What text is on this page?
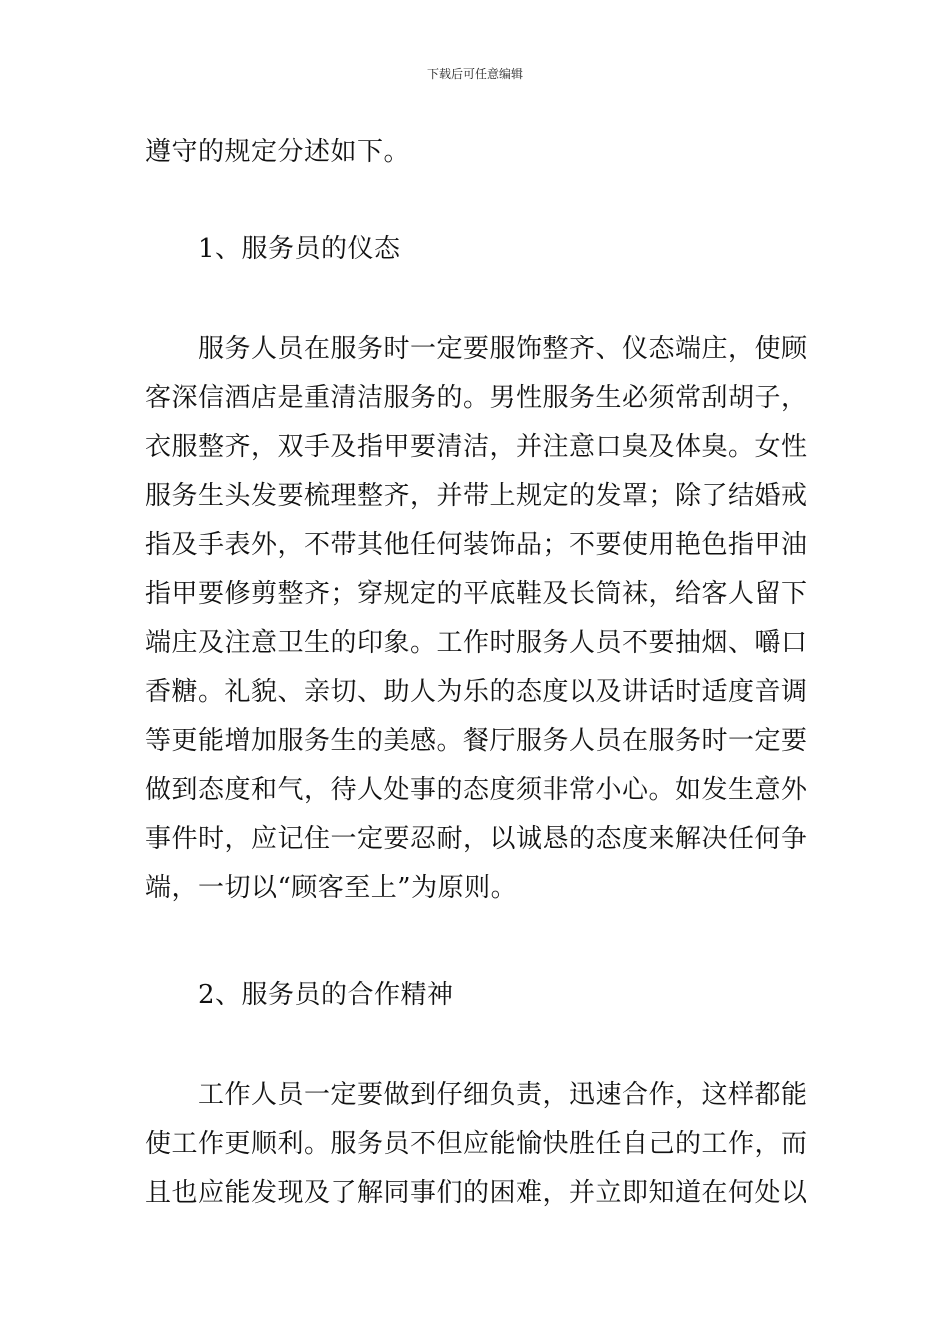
下载后可任意编辑
遵守的规定分述如下。
1、服务员的仪态
服务人员在服务时一定要服饰整齐、仪态端庄，使顾
客深信酒店是重清洁服务的。男性服务生必须常刮胡子，
衣服整齐，双手及指甲要清洁，并注意口臭及体臭。女性
服务生头发要梳理整齐，并带上规定的发罩；除了结婚戒
指及手表外，不带其他任何装饰品；不要使用艳色指甲油
指甲要修剪整齐；穿规定的平底鞋及长筒袜，给客人留下
端庄及注意卫生的印象。工作时服务人员不要抽烟、嚼口
香糖。礼貌、亲切、助人为乐的态度以及讲话时适度音调
等更能增加服务生的美感。餐厅服务人员在服务时一定要
做到态度和气，待人处事的态度须非常小心。如发生意外
事件时，应记住一定要忍耐，以诚恳的态度来解决任何争
端，一切以“顾客至上”为原则。
2、服务员的合作精神
工作人员一定要做到仔细负责，迅速合作，这样都能
使工作更顺利。服务员不但应能愉快胜任自己的工作，而
且也应能发现及了解同事们的困难，并立即知道在何处以
